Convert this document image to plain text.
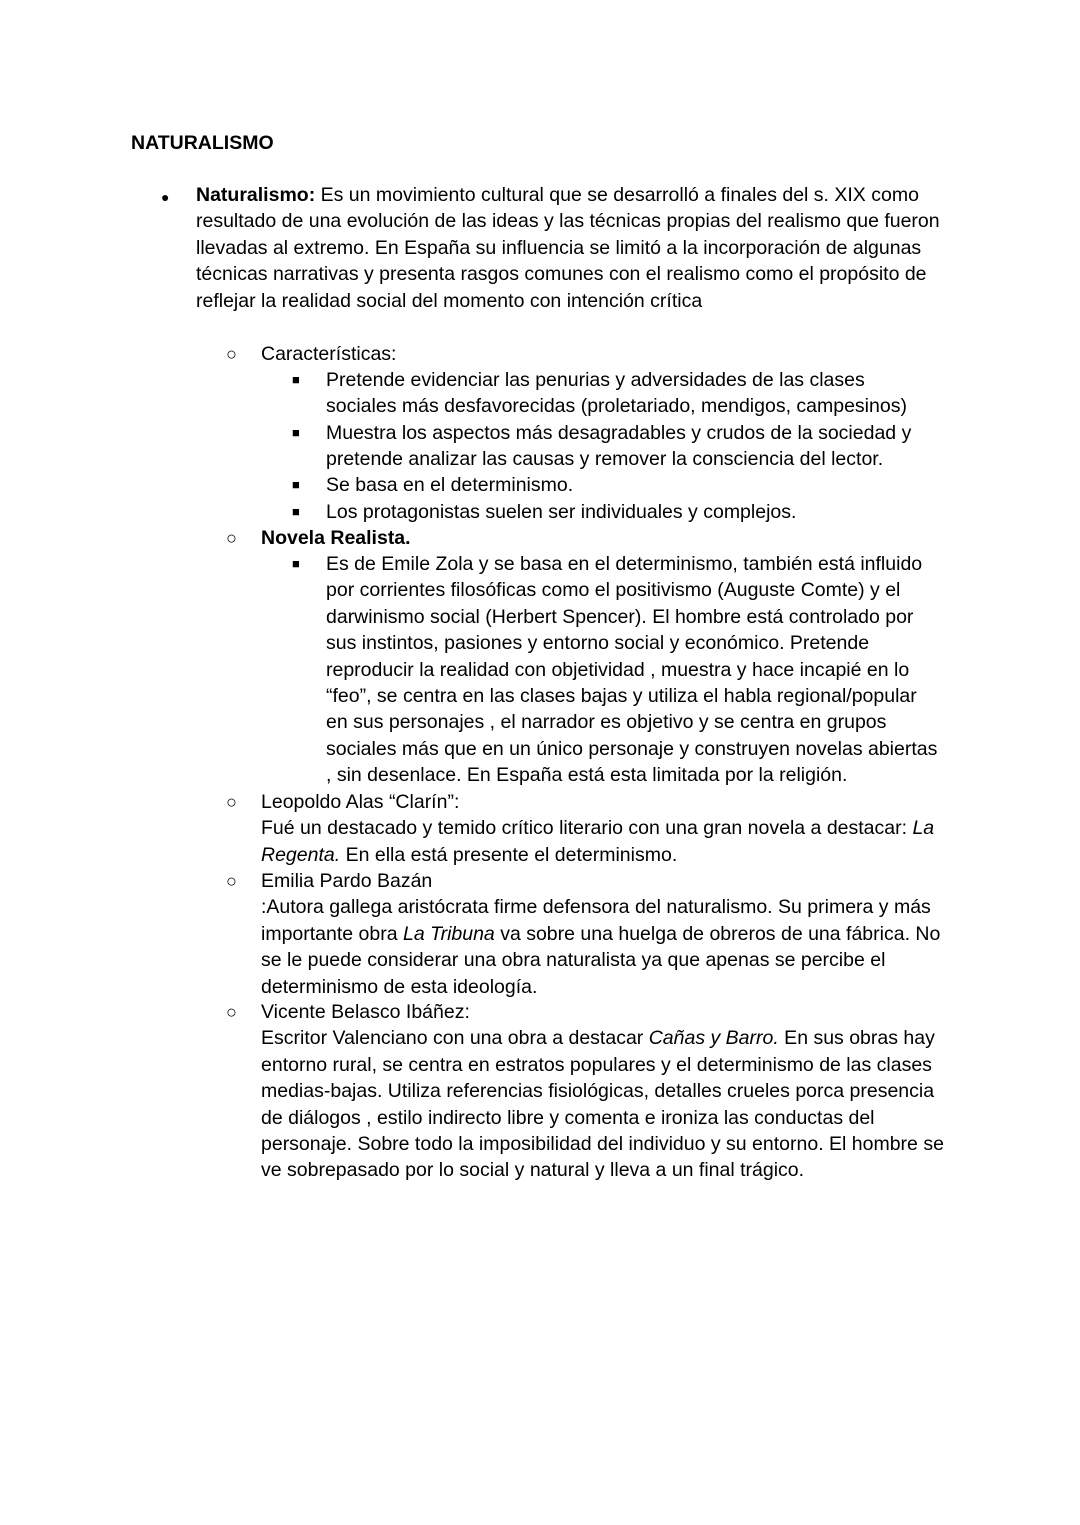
NATURALISMO
● Naturalismo: Es un movimiento cultural que se desarrolló a finales del s. XIX como resultado de una evolución de las ideas y las técnicas propias del realismo que fueron llevadas al extremo. En España su influencia se limitó a la incorporación de algunas técnicas narrativas y presenta rasgos comunes con el realismo como el propósito de reflejar la realidad social del momento con intención crítica
○ Características:
■ Pretende evidenciar las penurias y adversidades de las clases sociales más desfavorecidas (proletariado, mendigos, campesinos)
■ Muestra los aspectos más desagradables y crudos de la sociedad y pretende analizar las causas y remover la consciencia del lector.
■ Se basa en el determinismo.
■ Los protagonistas suelen ser individuales y complejos.
○ Novela Realista.
■ Es de Emile Zola y se basa en el determinismo, también está influido por corrientes filosóficas como el positivismo (Auguste Comte) y el darwinismo social (Herbert Spencer). El hombre está controlado por sus instintos, pasiones y entorno social y económico. Pretende reproducir la realidad con objetividad , muestra y hace incapié en lo “feo”, se centra en las clases bajas y utiliza el habla regional/popular en sus personajes , el narrador es objetivo y se centra en grupos sociales más que en un único personaje y construyen novelas abiertas , sin desenlace. En España está esta limitada por la religión.
○ Leopoldo Alas “Clarín”:
Fué un destacado y temido crítico literario con una gran novela a destacar: La Regenta. En ella está presente el determinismo.
○ Emilia Pardo Bazán
:Autora gallega aristócrata firme defensora del naturalismo. Su primera y más importante obra La Tribuna va sobre una huelga de obreros de una fábrica. No se le puede considerar una obra naturalista ya que apenas se percibe el determinismo de esta ideología.
○ Vicente Belasco Ibáñez:
Escritor Valenciano con una obra a destacar Cañas y Barro. En sus obras hay entorno rural, se centra en estratos populares y el determinismo de las clases medias-bajas. Utiliza referencias fisiológicas, detalles crueles porca presencia de diálogos , estilo indirecto libre y comenta e ironiza las conductas del personaje. Sobre todo la imposibilidad del individuo y su entorno. El hombre se ve sobrepasado por lo social y natural y lleva a un final trágico.
